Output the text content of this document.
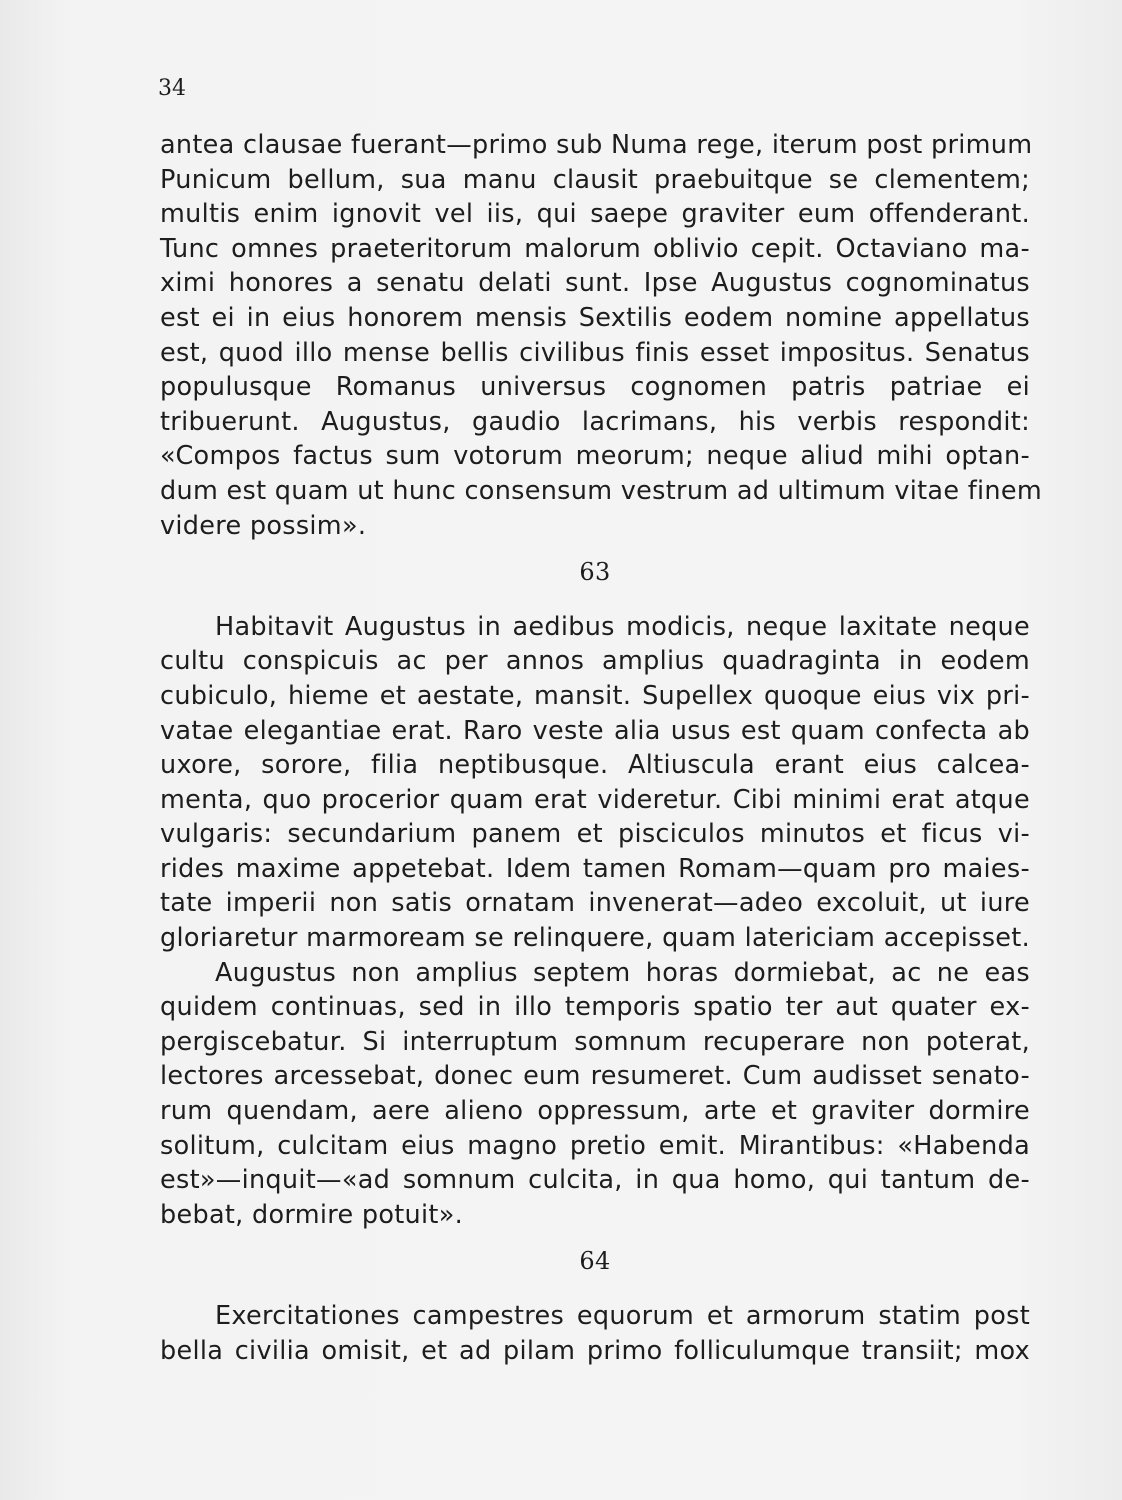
34
antea clausae fuerant—primo sub Numa rege, iterum post primum
Punicum bellum, sua manu clausit praebuitque se clementem;
multis enim ignovit vel iis, qui saepe graviter eum offenderant.
Tunc omnes praeteritorum malorum oblivio cepit. Octaviano ma-
ximi honores a senatu delati sunt. Ipse Augustus cognominatus
est ei in eius honorem mensis Sextilis eodem nomine appellatus
est, quod illo mense bellis civilibus finis esset impositus. Senatus
populusque Romanus universus cognomen patris patriae ei
tribuerunt. Augustus, gaudio lacrimans, his verbis respondit:
«Compos factus sum votorum meorum; neque aliud mihi optan-
dum est quam ut hunc consensum vestrum ad ultimum vitae finem
videre possim».
63
Habitavit Augustus in aedibus modicis, neque laxitate neque
cultu conspicuis ac per annos amplius quadraginta in eodem
cubiculo, hieme et aestate, mansit. Supellex quoque eius vix pri-
vatae elegantiae erat. Raro veste alia usus est quam confecta ab
uxore, sorore, filia neptibusque. Altiuscula erant eius calcea-
menta, quo procerior quam erat videretur. Cibi minimi erat atque
vulgaris: secundarium panem et pisciculos minutos et ficus vi-
rides maxime appetebat. Idem tamen Romam—quam pro maies-
tate imperii non satis ornatam invenerat—adeo excoluit, ut iure
gloriaretur marmoream se relinquere, quam latericiam accepisset.
Augustus non amplius septem horas dormiebat, ac ne eas
quidem continuas, sed in illo temporis spatio ter aut quater ex-
pergiscebatur. Si interruptum somnum recuperare non poterat,
lectores arcessebat, donec eum resumeret. Cum audisset senato-
rum quendam, aere alieno oppressum, arte et graviter dormire
solitum, culcitam eius magno pretio emit. Mirantibus: «Habenda
est»—inquit—«ad somnum culcita, in qua homo, qui tantum de-
bebat, dormire potuit».
64
Exercitationes campestres equorum et armorum statim post
bella civilia omisit, et ad pilam primo folliculumque transiit; mox
